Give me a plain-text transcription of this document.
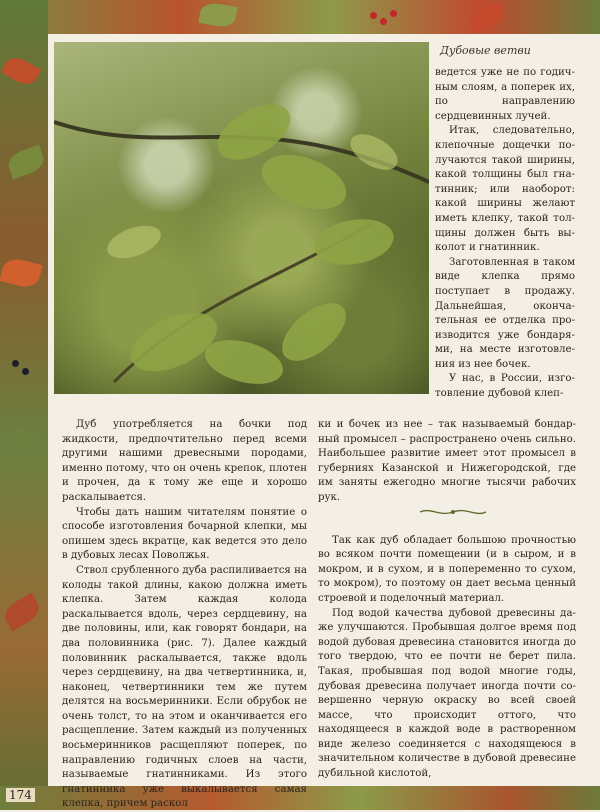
Дубовые ветви

ведется уже не по годичным слоям, а поперек их, по направлению сердцевинных лучей.

Итак, следовательно, клепочные дощечки получаются такой ширины, какой толщины был гнатинник; или наоборот: какой ширины желают иметь клепку, такой толщины должен быть выколот и гнатинник.

Заготовленная в таком виде клепка прямо поступает в продажу. Дальнейшая, окончательная ее отделка производится уже бондарями, на месте изготовления из нее бочек.

У нас, в России, изготовление дубовой клеп-

Дуб употребляется на бочки под жидкости, предпочтительно перед всеми другими нашими древесными породами, именно потому, что он очень крепок, плотен и прочен, да к тому же еще и хорошо раскалывается.

Чтобы дать нашим читателям понятие о способе изготовления бочарной клепки, мы опишем здесь вкратце, как ведется это дело в дубовых лесах Поволжья.

Ствол срубленного дуба распиливается на колоды такой длины, какою должна иметь клепка. Затем каждая колода раскалывается вдоль, через сердцевину, на две половины, или, как говорят бондари, на два половинника (рис. 7). Далее каждый половинник раскалывается, также вдоль через сердцевину, на два четвертинника, и, наконец, четвертинники тем же путем делятся на восьмеринники. Если обрубок не очень толст, то на этом и оканчивается его расщепление. Затем каждый из полученных восьмеринников расщепляют поперек, по направлению годичных слоев на части, называемые гнатинниками. Из этого гнатинника уже выкалывается самая клепка, причем раскол

ки и бочек из нее – так называемый бондарный промысел – распространено очень сильно. Наибольшее развитие имеет этот промысел в губерниях Казанской и Нижегородской, где им заняты ежегодно многие тысячи рабочих рук.

Так как дуб обладает большою прочностью во всяком почти помещении (и в сыром, и в мокром, и в сухом, и в попеременно то сухом, то мокром), то поэтому он дает весьма ценный строевой и поделочный материал.

Под водой качества дубовой древесины даже улучшаются. Пробывшая долгое время под водой дубовая древесина становится иногда до того твердою, что ее почти не берет пила. Такая, пробывшая под водой многие годы, дубовая древесина получает иногда почти совершенно черную окраску во всей своей массе, что происходит оттого, что находящееся в каждой воде в растворенном виде железо соединяется с находящеюся в значительном количестве в дубовой древесине дубильной кислотой,

174
